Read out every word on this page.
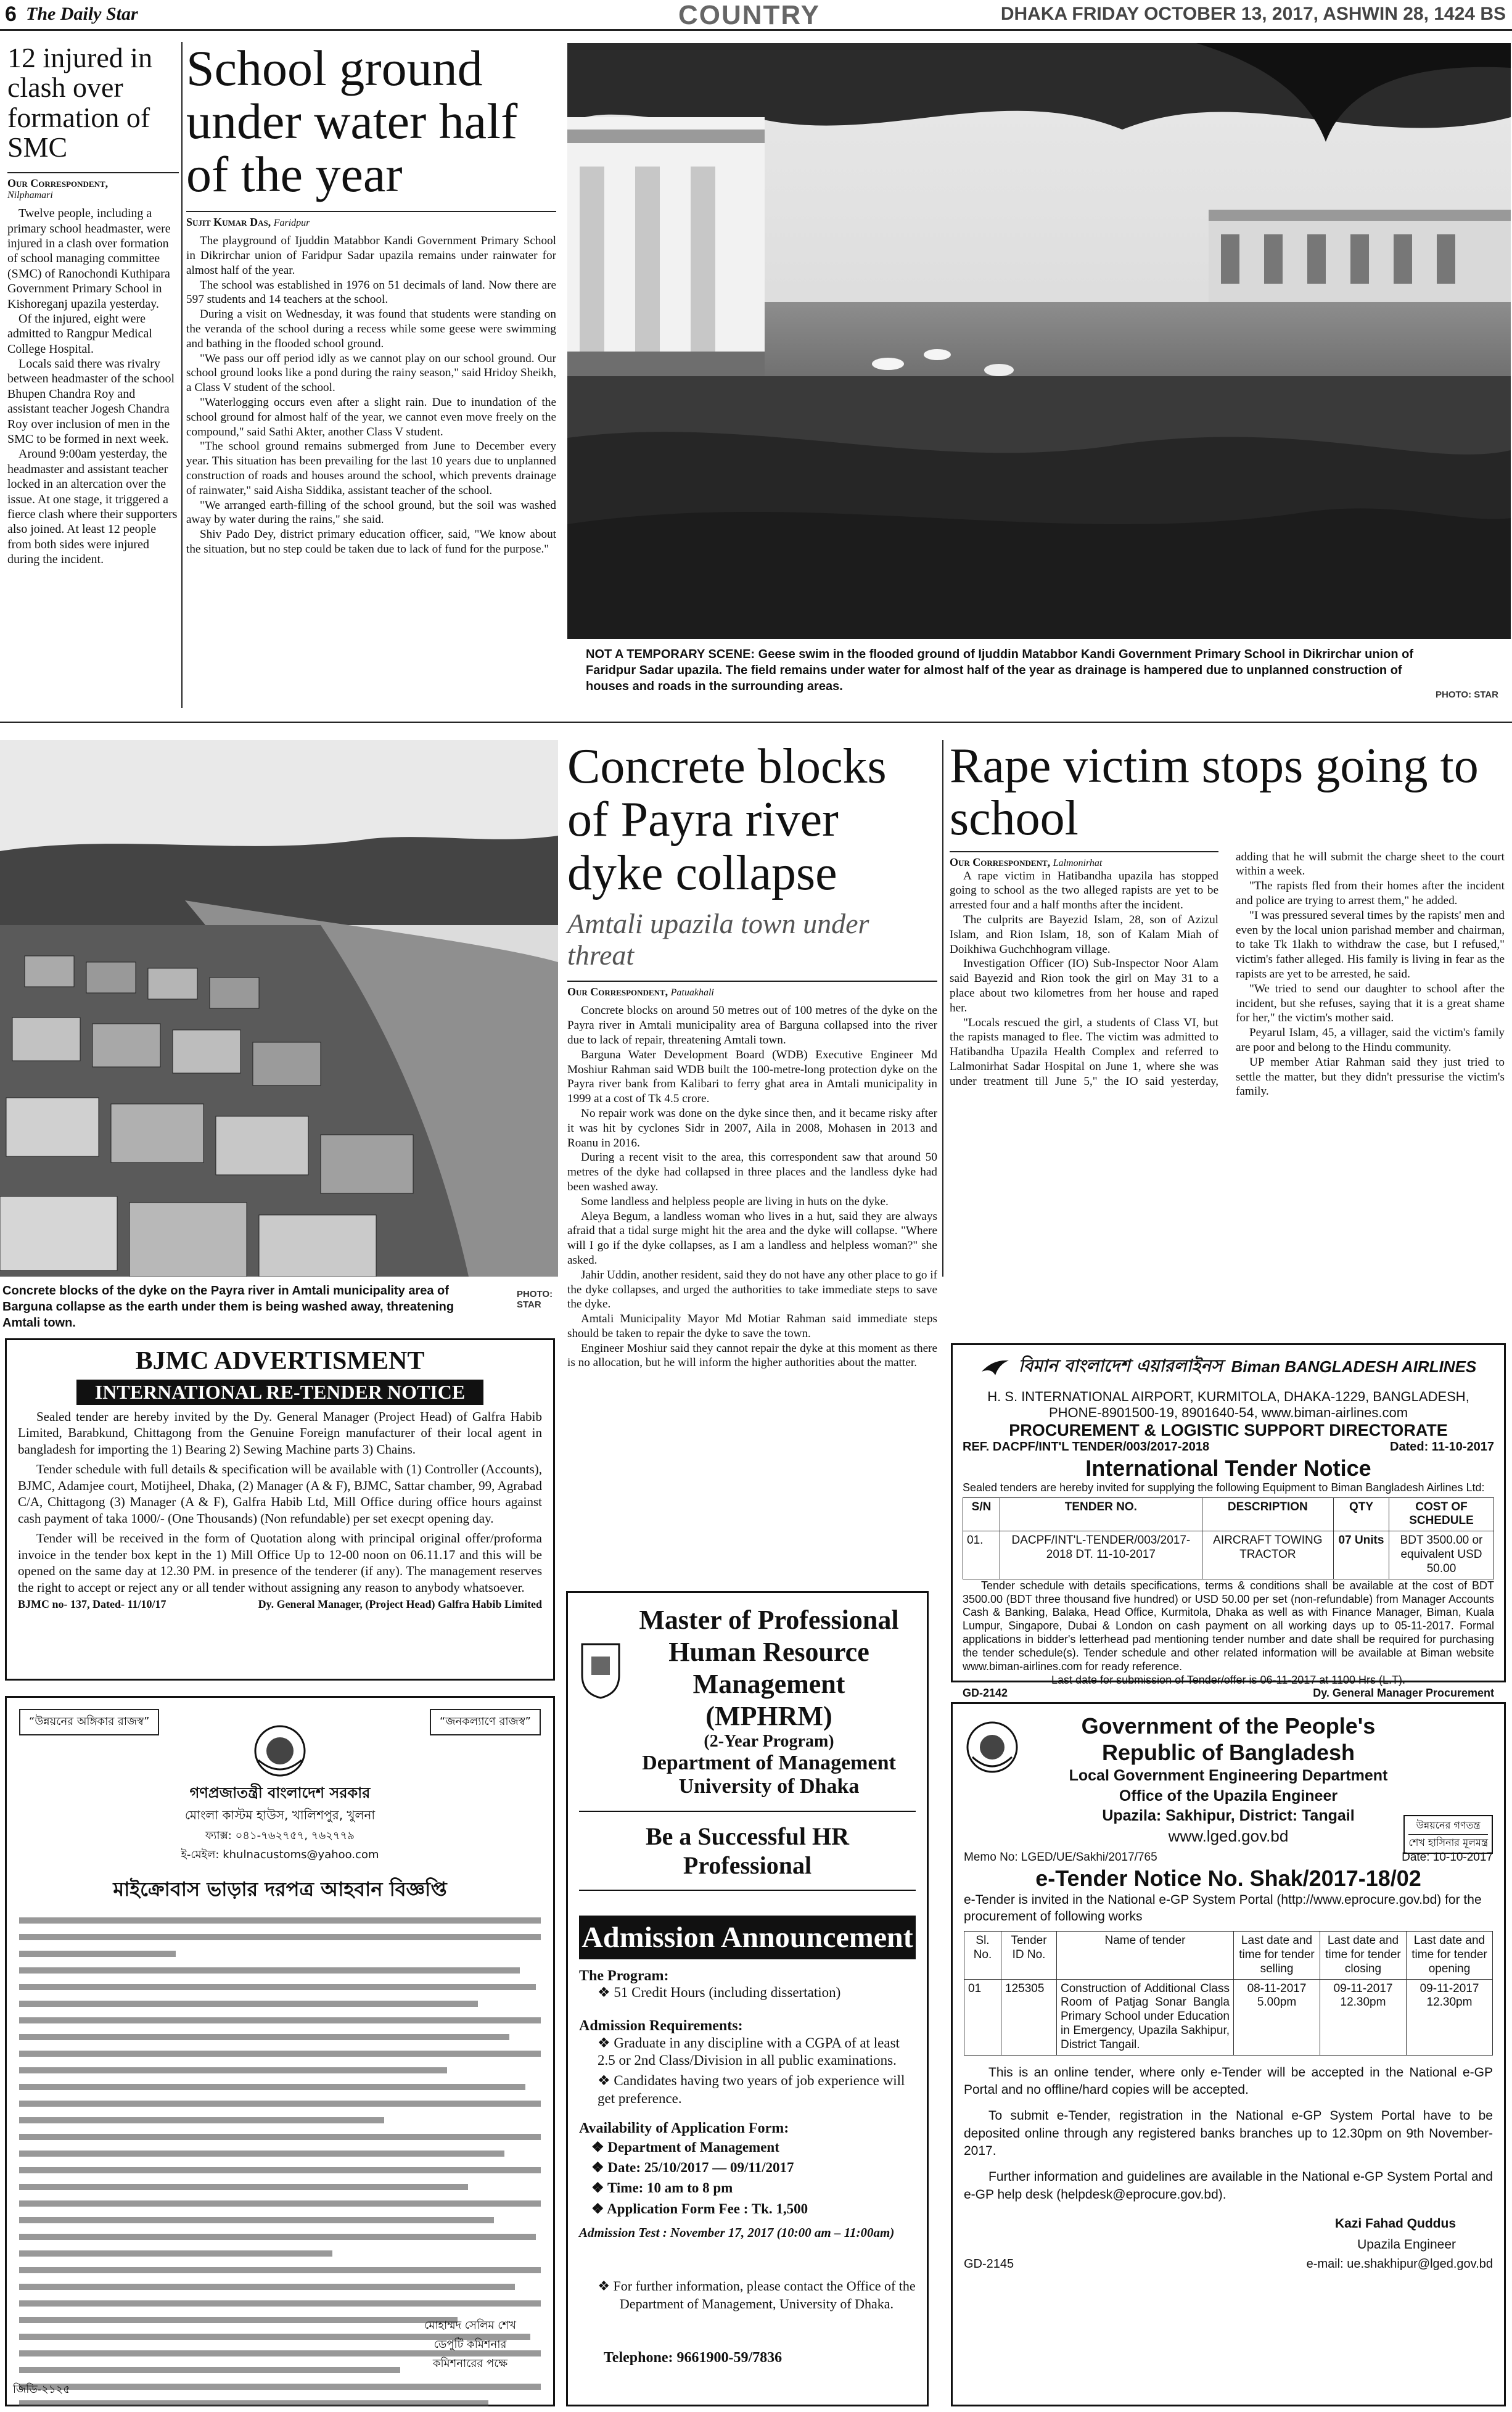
6 The Daily Star	COUNTRY	DHAKA FRIDAY OCTOBER 13, 2017, ASHWIN 28, 1424 BS
12 injured in clash over formation of SMC
Our Correspondent,
Nilphamari

Twelve people, including a primary school headmaster, were injured in a clash over formation of school managing committee (SMC) of Ranochondi Kuthipara Government Primary School in Kishoreganj upazila yesterday.

Of the injured, eight were admitted to Rangpur Medical College Hospital.

Locals said there was rivalry between headmaster of the school Bhupen Chandra Roy and assistant teacher Jogesh Chandra Roy over inclusion of men in the SMC to be formed in next week.

Around 9:00am yesterday, the headmaster and assistant teacher locked in an altercation over the issue. At one stage, it triggered a fierce clash where their supporters also joined. At least 12 people from both sides were injured during the incident.

School ground under water half of the year
Sujit Kumar Das, Faridpur

The playground of Ijuddin Matabbor Kandi Government Primary School in Dikrirchar union of Faridpur Sadar upazila remains under rainwater for almost half of the year.

The school was established in 1976 on 51 decimals of land. Now there are 597 students and 14 teachers at the school.

During a visit on Wednesday, it was found that students were standing on the veranda of the school during a recess while some geese were swimming and bathing in the flooded school ground.

"We pass our off period idly as we cannot play on our school ground. Our school ground looks like a pond during the rainy season," said Hridoy Sheikh, a Class V student of the school.

"Waterlogging occurs even after a slight rain. Due to inundation of the school ground for almost half of the year, we cannot even move freely on the compound," said Sathi Akter, another Class V student.

"The school ground remains submerged from June to December every year. This situation has been prevailing for the last 10 years due to unplanned construction of roads and houses around the school, which prevents drainage of rainwater," said Aisha Siddika, assistant teacher of the school.

"We arranged earth-filling of the school ground, but the soil was washed away by water during the rains," she said.

Shiv Pado Dey, district primary education officer, said, "We know about the situation, but no step could be taken due to lack of fund for the purpose."

NOT A TEMPORARY SCENE: Geese swim in the flooded ground of Ijuddin Matabbor Kandi Government Primary School in Dikrirchar union of Faridpur Sadar upazila. The field remains under water for almost half of the year as drainage is hampered due to unplanned construction of houses and roads in the surrounding areas.
PHOTO: STAR
Concrete blocks of the dyke on the Payra river in Amtali municipality area of Barguna collapse as the earth under them is being washed away, threatening Amtali town.
PHOTO: STAR
Concrete blocks of Payra river dyke collapse
Amtali upazila town under threat
Our Correspondent, Patuakhali

Concrete blocks on around 50 metres out of 100 metres of the dyke on the Payra river in Amtali municipality area of Barguna collapsed into the river due to lack of repair, threatening Amtali town.

Barguna Water Development Board (WDB) Executive Engineer Md Moshiur Rahman said WDB built the 100-metre-long protection dyke on the Payra river bank from Kalibari to ferry ghat area in Amtali municipality in 1999 at a cost of Tk 4.5 crore.

No repair work was done on the dyke since then, and it became risky after it was hit by cyclones Sidr in 2007, Aila in 2008, Mohasen in 2013 and Roanu in 2016.

During a recent visit to the area, this correspondent saw that around 50 metres of the dyke had collapsed in three places and the landless dyke had been washed away.

Some landless and helpless people are living in huts on the dyke.

Aleya Begum, a landless woman who lives in a hut, said they are always afraid that a tidal surge might hit the area and the dyke will collapse. "Where will I go if the dyke collapses, as I am a landless and helpless woman?" she asked.

Jahir Uddin, another resident, said they do not have any other place to go if the dyke collapses, and urged the authorities to take immediate steps to save the dyke.

Amtali Municipality Mayor Md Motiar Rahman said immediate steps should be taken to repair the dyke to save the town.

Engineer Moshiur said they cannot repair the dyke at this moment as there is no allocation, but he will inform the higher authorities about the matter.

Rape victim stops going to school
Our Correspondent, Lalmonirhat

A rape victim in Hatibandha upazila has stopped going to school as the two alleged rapists are yet to be arrested four and a half months after the incident.

The culprits are Bayezid Islam, 28, son of Azizul Islam, and Rion Islam, 18, son of Kalam Miah of Doikhiwa Guchchhogram village.

Investigation Officer (IO) Sub-Inspector Noor Alam said Bayezid and Rion took the girl on May 31 to a place about two kilometres from her house and raped her.

"Locals rescued the girl, a students of Class VI, but the rapists managed to flee. The victim was admitted to Hatibandha Upazila Health Complex and referred to Lalmonirhat Sadar Hospital on June 1, where she was under treatment till June 5," the IO said yesterday, adding that he will submit the charge sheet to the court within a week.

"The rapists fled from their homes after the incident and police are trying to arrest them," he added.

"I was pressured several times by the rapists' men and even by the local union parishad member and chairman, to take Tk 1lakh to withdraw the case, but I refused," victim's father alleged. His family is living in fear as the rapists are yet to be arrested, he said.

"We tried to send our daughter to school after the incident, but she refuses, saying that it is a great shame for her," the victim's mother said.

Peyarul Islam, 45, a villager, said the victim's family are poor and belong to the Hindu community.

UP member Atiar Rahman said they just tried to settle the matter, but they didn't pressurise the victim's family.

BJMC ADVERTISMENT
INTERNATIONAL RE-TENDER NOTICE

Sealed tender are hereby invited by the Dy. General Manager (Project Head) of Galfra Habib Limited, Barabkund, Chittagong from the Genuine Foreign manufacturer of their local agent in bangladesh for importing the 1) Bearing 2) Sewing Machine parts 3) Chains.

Tender schedule with full details & specification will be available with (1) Controller (Accounts), BJMC, Adamjee court, Motijheel, Dhaka, (2) Manager (A & F), BJMC, Sattar chamber, 99, Agrabad C/A, Chittagong (3) Manager (A & F), Galfra Habib Ltd, Mill Office during office hours against cash payment of taka 1000/- (One Thousands) (Non refundable) per set execpt opening day.

Tender will be received in the form of Quotation along with principal original offer/proforma invoice in the tender box kept in the 1) Mill Office Up to 12-00 noon on 06.11.17 and this will be opened on the same day at 12.30 PM. in presence of the tenderer (if any). The management reserves the right to accept or reject any or all tender without assigning any reason to anybody whatsoever.

BJMC no- 137, Dated- 11/10/17	Dy. General Manager, (Project Head) Galfra Habib Limited
“উন্নয়নের অঙ্গিকার রাজস্ব”	“জনকল্যাণে রাজস্ব”
গণপ্রজাতন্ত্রী বাংলাদেশ সরকার
মোংলা কাস্টম হাউস, খালিশপুর, খুলনা
ফ্যাক্স: ০৪১-৭৬২৭৫৭, ৭৬২৭৭৯
ই-মেইল: khulnacustoms@yahoo.com
মাইক্রোবাস ভাড়ার দরপত্র আহবান বিজ্ঞপ্তি
মোহাম্মদ সেলিম শেখ
ডেপুটি কমিশনার
কমিশনারের পক্ষে
জিডি-২১২৫
Master of Professional Human Resource Management
(MPHRM)
(2-Year Program)
Department of Management
University of Dhaka
Be a Successful HR Professional
Admission Announcement
The Program:
❖ 51 Credit Hours (including dissertation)
Admission Requirements:
❖ Graduate in any discipline with a CGPA of at least 2.5 or 2nd Class/Division in all public examinations.
❖ Candidates having two years of job experience will get preference.
Availability of Application Form:
❖ Department of Management
❖ Date: 25/10/2017 — 09/11/2017
❖ Time: 10 am to 8 pm
❖ Application Form Fee : Tk. 1,500
Admission Test : November 17, 2017 (10:00 am – 11:00am)
❖ For further information, please contact the Office of the Department of Management, University of Dhaka.
Telephone: 9661900-59/7836
বিমান বাংলাদেশ এয়ারলাইনস Biman BANGLADESH AIRLINES
H. S. INTERNATIONAL AIRPORT, KURMITOLA, DHAKA-1229, BANGLADESH,
PHONE-8901500-19, 8901640-54, www.biman-airlines.com
PROCUREMENT & LOGISTIC SUPPORT DIRECTORATE
REF. DACPF/INT'L TENDER/003/2017-2018	Dated: 11-10-2017
International Tender Notice
Sealed tenders are hereby invited for supplying the following Equipment to Biman Bangladesh Airlines Ltd:
S/N	TENDER NO.	DESCRIPTION	QTY	COST OF SCHEDULE
01.	DACPF/INT'L-TENDER/003/2017-2018 DT. 11-10-2017	AIRCRAFT TOWING TRACTOR	07 Units	BDT 3500.00 or equivalent USD 50.00
Tender schedule with details specifications, terms & conditions shall be available at the cost of BDT 3500.00 (BDT three thousand five hundred) or USD 50.00 per set (non-refundable) from Manager Accounts Cash & Banking, Balaka, Head Office, Kurmitola, Dhaka as well as with Finance Manager, Biman, Kuala Lumpur, Singapore, Dubai & London on cash payment on all working days up to 05-11-2017. Formal applications in bidder's letterhead pad mentioning tender number and date shall be required for purchasing the tender schedule(s). Tender schedule and other related information will be available at Biman website www.biman-airlines.com for ready reference.
Last date for submission of Tender/offer is 06-11-2017 at 1100 Hrs (L.T).
GD-2142	Dy. General Manager Procurement
উন্নয়নের গণতন্ত্র
শেখ হাসিনার মূলমন্ত্র
Government of the People's
Republic of Bangladesh
Local Government Engineering Department
Office of the Upazila Engineer
Upazila: Sakhipur, District: Tangail
www.lged.gov.bd
Memo No: LGED/UE/Sakhi/2017/765	Date: 10-10-2017
e-Tender Notice No. Shak/2017-18/02
e-Tender is invited in the National e-GP System Portal (http://www.eprocure.gov.bd) for the procurement of following works
Sl. No.	Tender ID No.	Name of tender	Last date and time for tender selling	Last date and time for tender closing	Last date and time for tender opening
01	125305	Construction of Additional Class Room of Patjag Sonar Bangla Primary School under Education in Emergency, Upazila Sakhipur, District Tangail.	08-11-2017 5.00pm	09-11-2017 12.30pm	09-11-2017 12.30pm
This is an online tender, where only e-Tender will be accepted in the National e-GP Portal and no offline/hard copies will be accepted.
To submit e-Tender, registration in the National e-GP System Portal have to be deposited online through any registered banks branches up to 12.30pm on 9th November-2017.
Further information and guidelines are available in the National e-GP System Portal and e-GP help desk (helpdesk@eprocure.gov.bd).
Kazi Fahad Quddus
Upazila Engineer
GD-2145	e-mail: ue.shakhipur@lged.gov.bd
